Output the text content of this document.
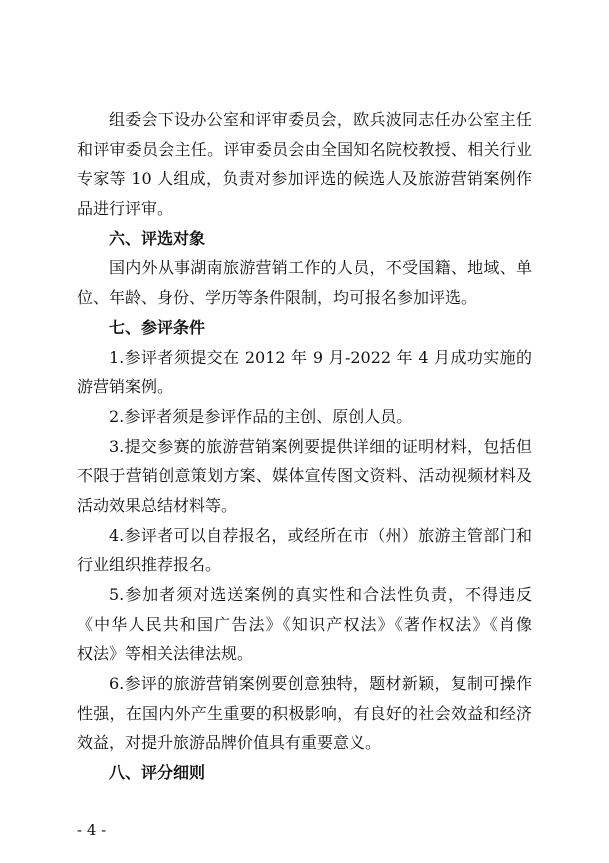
组委会下设办公室和评审委员会，欧兵波同志任办公室主任
和评审委员会主任。评审委员会由全国知名院校教授、相关行业
专家等 10 人组成，负责对参加评选的候选人及旅游营销案例作
品进行评审。
六、评选对象
国内外从事湖南旅游营销工作的人员，不受国籍、地域、单
位、年龄、身份、学历等条件限制，均可报名参加评选。
七、参评条件
1.参评者须提交在 2012 年 9 月-2022 年 4 月成功实施的
游营销案例。
2.参评者须是参评作品的主创、原创人员。
3.提交参赛的旅游营销案例要提供详细的证明材料，包括但
不限于营销创意策划方案、媒体宣传图文资料、活动视频材料及
活动效果总结材料等。
4.参评者可以自荐报名，或经所在市（州）旅游主管部门和
行业组织推荐报名。
5.参加者须对选送案例的真实性和合法性负责，不得违反
《中华人民共和国广告法》《知识产权法》《著作权法》《肖像
权法》等相关法律法规。
6.参评的旅游营销案例要创意独特，题材新颖，复制可操作
性强，在国内外产生重要的积极影响，有良好的社会效益和经济
效益，对提升旅游品牌价值具有重要意义。
八、评分细则
- 4 -
